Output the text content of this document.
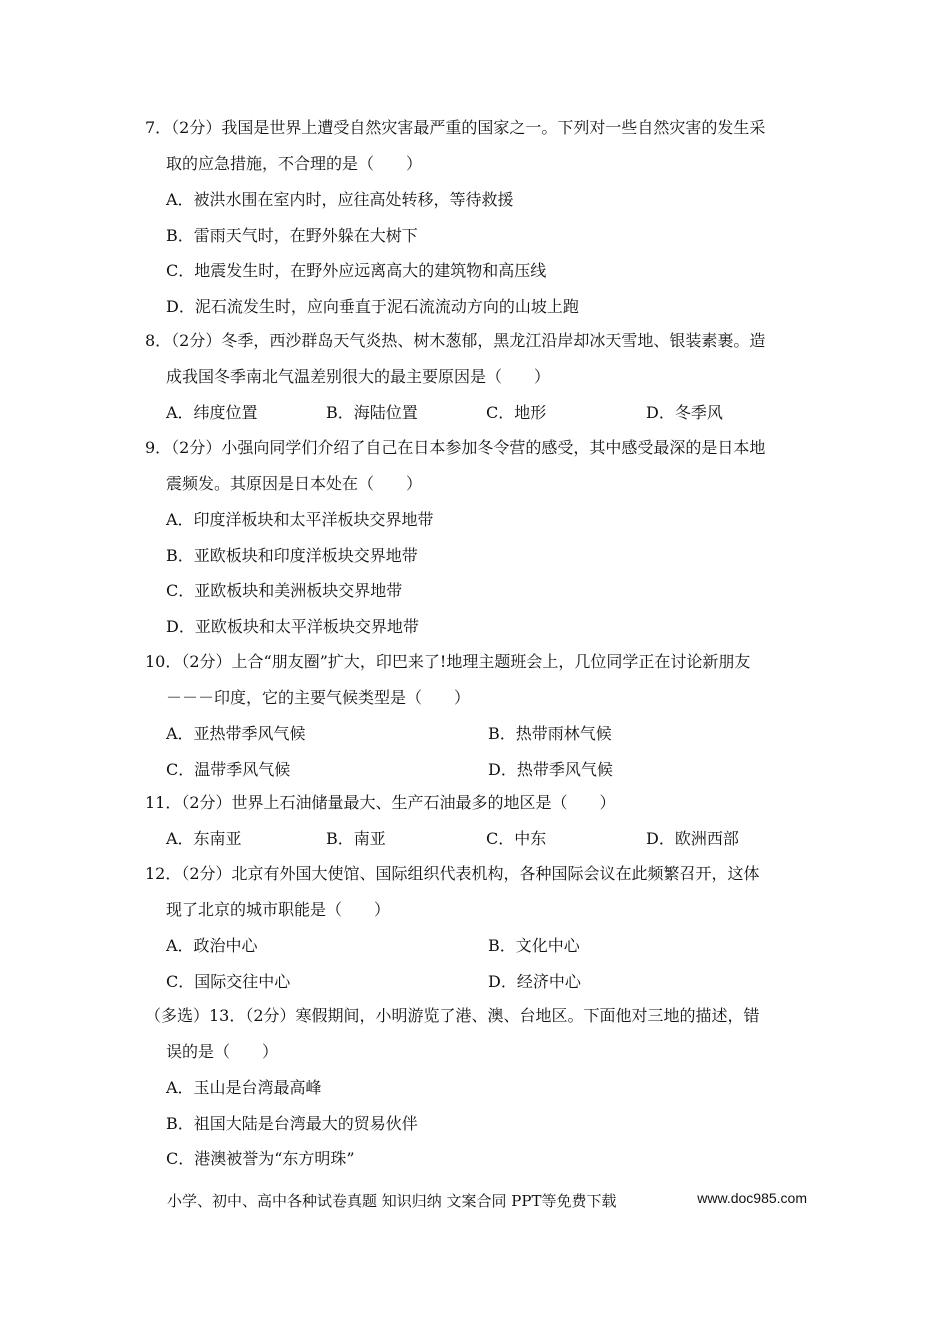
7．（2分）我国是世界上遭受自然灾害最严重的国家之一。下列对一些自然灾害的发生采
取的应急措施，不合理的是（　　）

A．被洪水围在室内时，应往高处转移，等待救援
B．雷雨天气时，在野外躲在大树下
C．地震发生时，在野外应远离高大的建筑物和高压线
D．泥石流发生时，应向垂直于泥石流流动方向的山坡上跑

8．（2分）冬季，西沙群岛天气炎热、树木葱郁，黑龙江沿岸却冰天雪地、银装素裹。造
成我国冬季南北气温差别很大的最主要原因是（　　）

A．纬度位置	B．海陆位置	C．地形	D．冬季风

9．（2分）小强向同学们介绍了自己在日本参加冬令营的感受，其中感受最深的是日本地
震频发。其原因是日本处在（　　）

A．印度洋板块和太平洋板块交界地带
B．亚欧板块和印度洋板块交界地带
C．亚欧板块和美洲板块交界地带
D．亚欧板块和太平洋板块交界地带

10．（2分）上合“朋友圈”扩大，印巴来了!地理主题班会上，几位同学正在讨论新朋友
－－－印度，它的主要气候类型是（　　）

A．亚热带季风气候	B．热带雨林气候
C．温带季风气候	D．热带季风气候

11．（2分）世界上石油储量最大、生产石油最多的地区是（　　）

A．东南亚	B．南亚	C．中东	D．欧洲西部

12．（2分）北京有外国大使馆、国际组织代表机构，各种国际会议在此频繁召开，这体
现了北京的城市职能是（　　）

A．政治中心	B．文化中心
C．国际交往中心	D．经济中心

（多选）13．（2分）寒假期间，小明游览了港、澳、台地区。下面他对三地的描述，错
误的是（　　）

A．玉山是台湾最高峰
B．祖国大陆是台湾最大的贸易伙伴
C．港澳被誉为“东方明珠”
小学、初中、高中各种试卷真题 知识归纳 文案合同 PPT等免费下载	www.doc985.com
